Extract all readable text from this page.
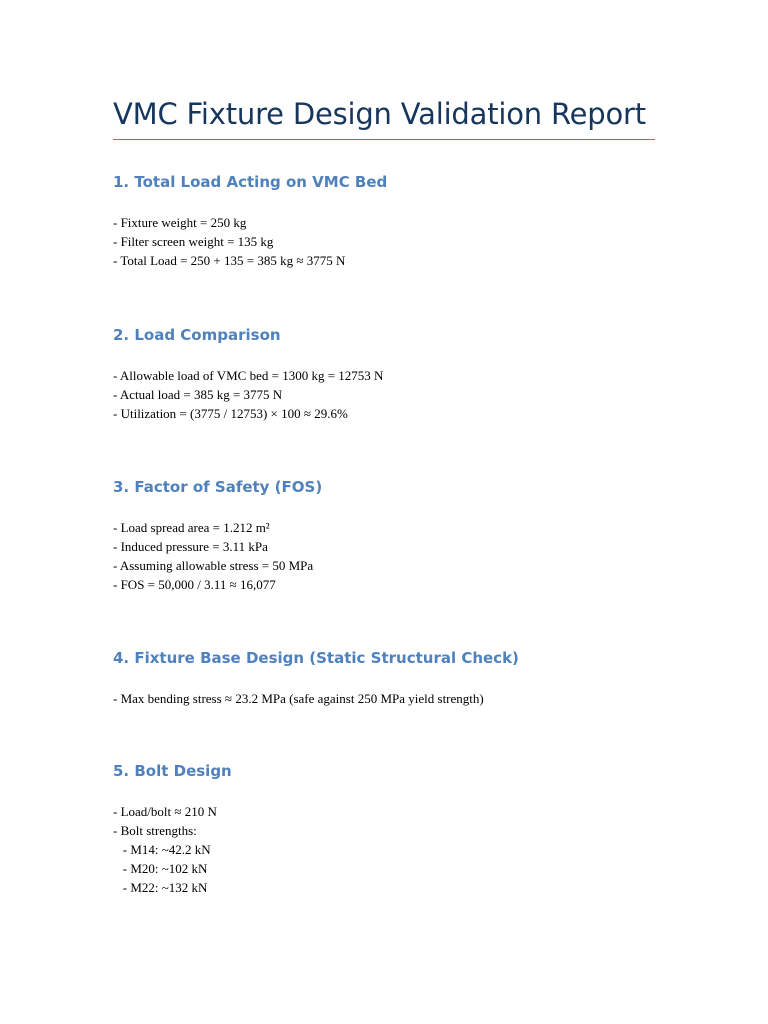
VMC Fixture Design Validation Report
1. Total Load Acting on VMC Bed
- Fixture weight = 250 kg
- Filter screen weight = 135 kg
- Total Load = 250 + 135 = 385 kg ≈ 3775 N
2. Load Comparison
- Allowable load of VMC bed = 1300 kg = 12753 N
- Actual load = 385 kg = 3775 N
- Utilization = (3775 / 12753) × 100 ≈ 29.6%
3. Factor of Safety (FOS)
- Load spread area = 1.212 m²
- Induced pressure = 3.11 kPa
- Assuming allowable stress = 50 MPa
- FOS = 50,000 / 3.11 ≈ 16,077
4. Fixture Base Design (Static Structural Check)
- Max bending stress ≈ 23.2 MPa (safe against 250 MPa yield strength)
5. Bolt Design
- Load/bolt ≈ 210 N
- Bolt strengths:
- M14: ~42.2 kN
- M20: ~102 kN
- M22: ~132 kN
